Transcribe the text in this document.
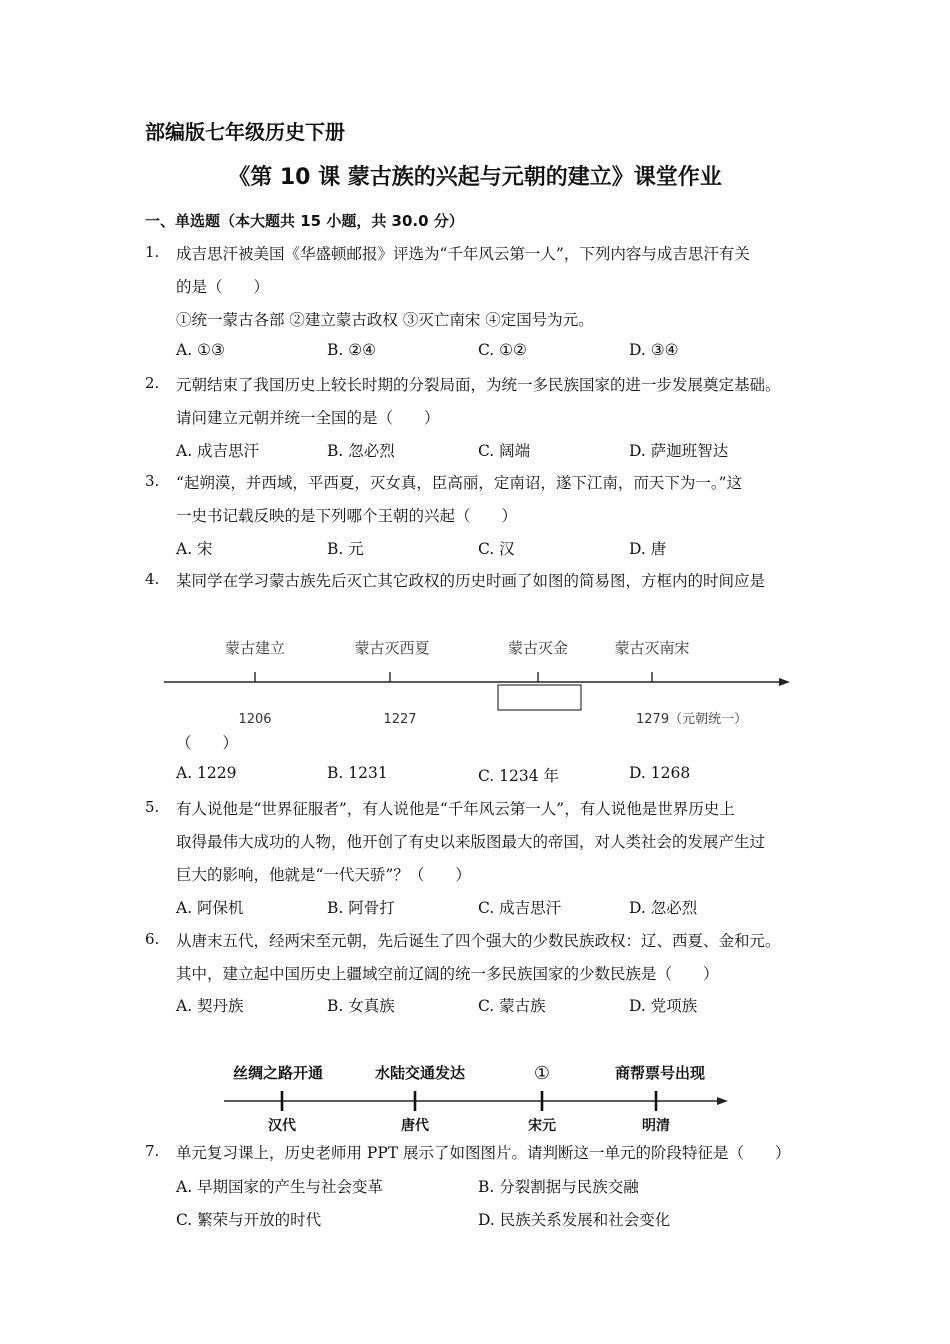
部编版七年级历史下册
《第 10 课 蒙古族的兴起与元朝的建立》课堂作业
一、单选题（本大题共 15 小题，共 30.0 分）
1. 成吉思汗被美国《华盛顿邮报》评选为“千年风云第一人”，下列内容与成吉思汗有关
的是（　　）
①统一蒙古各部 ②建立蒙古政权 ③灭亡南宋 ④定国号为元。
A. ①③	B. ②④	C. ①②	D. ③④
2. 元朝结束了我国历史上较长时期的分裂局面，为统一多民族国家的进一步发展奠定基础。
请问建立元朝并统一全国的是（　　）
A. 成吉思汗	B. 忽必烈	C. 阔端	D. 萨迦班智达
3. “起朔漠，并西域，平西夏，灭女真，臣高丽，定南诏，遂下江南，而天下为一。”这
一史书记载反映的是下列哪个王朝的兴起（　　）
A. 宋	B. 元	C. 汉	D. 唐
4. 某同学在学习蒙古族先后灭亡其它政权的历史时画了如图的简易图，方框内的时间应是
蒙古建立	蒙古灭西夏	蒙古灭金	蒙古灭南宋
1206	1227	1279（元朝统一）
（　　）
A. 1229	B. 1231	C. 1234 年	D. 1268
5. 有人说他是“世界征服者”，有人说他是“千年风云第一人”，有人说他是世界历史上
取得最伟大成功的人物，他开创了有史以来版图最大的帝国，对人类社会的发展产生过
巨大的影响，他就是“一代天骄”？（　　）
A. 阿保机	B. 阿骨打	C. 成吉思汗	D. 忽必烈
6. 从唐末五代，经两宋至元朝，先后诞生了四个强大的少数民族政权：辽、西夏、金和元。
其中，建立起中国历史上疆域空前辽阔的统一多民族国家的少数民族是（　　）
A. 契丹族	B. 女真族	C. 蒙古族	D. 党项族
丝绸之路开通	水陆交通发达	①	商帮票号出现
汉代	唐代	宋元	明清
7. 单元复习课上，历史老师用 PPT 展示了如图图片。请判断这一单元的阶段特征是（　　）
A. 早期国家的产生与社会变革	B. 分裂割据与民族交融
C. 繁荣与开放的时代	D. 民族关系发展和社会变化
